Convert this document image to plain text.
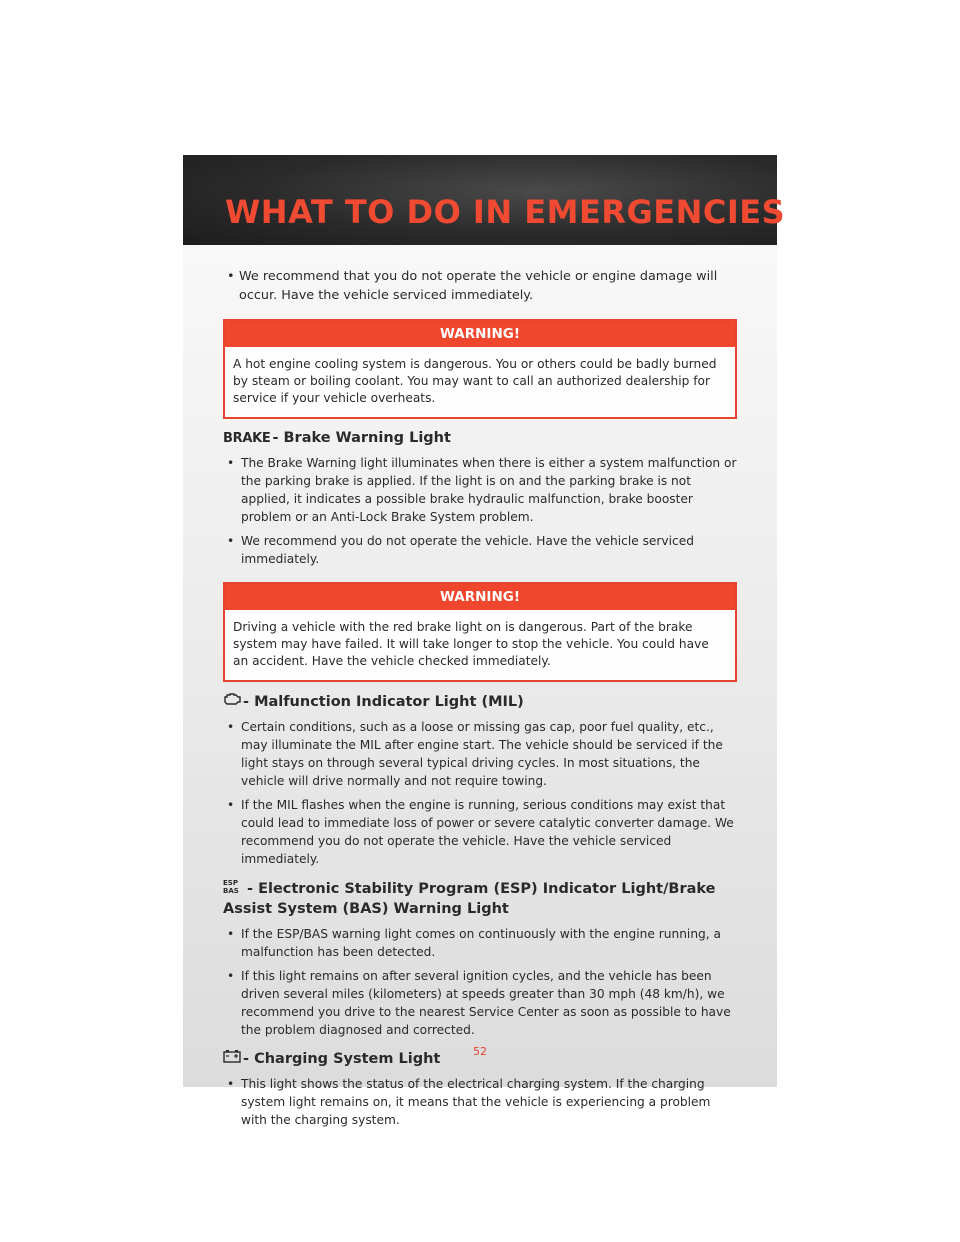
WHAT TO DO IN EMERGENCIES
• We recommend that you do not operate the vehicle or engine damage will occur. Have the vehicle serviced immediately.
WARNING!
A hot engine cooling system is dangerous. You or others could be badly burned by steam or boiling coolant. You may want to call an authorized dealership for service if your vehicle overheats.
BRAKE - Brake Warning Light
• The Brake Warning light illuminates when there is either a system malfunction or the parking brake is applied. If the light is on and the parking brake is not applied, it indicates a possible brake hydraulic malfunction, brake booster problem or an Anti-Lock Brake System problem.
• We recommend you do not operate the vehicle. Have the vehicle serviced immediately.
WARNING!
Driving a vehicle with the red brake light on is dangerous. Part of the brake system may have failed. It will take longer to stop the vehicle. You could have an accident. Have the vehicle checked immediately.
- Malfunction Indicator Light (MIL)
• Certain conditions, such as a loose or missing gas cap, poor fuel quality, etc., may illuminate the MIL after engine start. The vehicle should be serviced if the light stays on through several typical driving cycles. In most situations, the vehicle will drive normally and not require towing.
• If the MIL flashes when the engine is running, serious conditions may exist that could lead to immediate loss of power or severe catalytic converter damage. We recommend you do not operate the vehicle. Have the vehicle serviced immediately.
ESP
BAS - Electronic Stability Program (ESP) Indicator Light/Brake Assist System (BAS) Warning Light
• If the ESP/BAS warning light comes on continuously with the engine running, a malfunction has been detected.
• If this light remains on after several ignition cycles, and the vehicle has been driven several miles (kilometers) at speeds greater than 30 mph (48 km/h), we recommend you drive to the nearest Service Center as soon as possible to have the problem diagnosed and corrected.
- Charging System Light
• This light shows the status of the electrical charging system. If the charging system light remains on, it means that the vehicle is experiencing a problem with the charging system.
52
